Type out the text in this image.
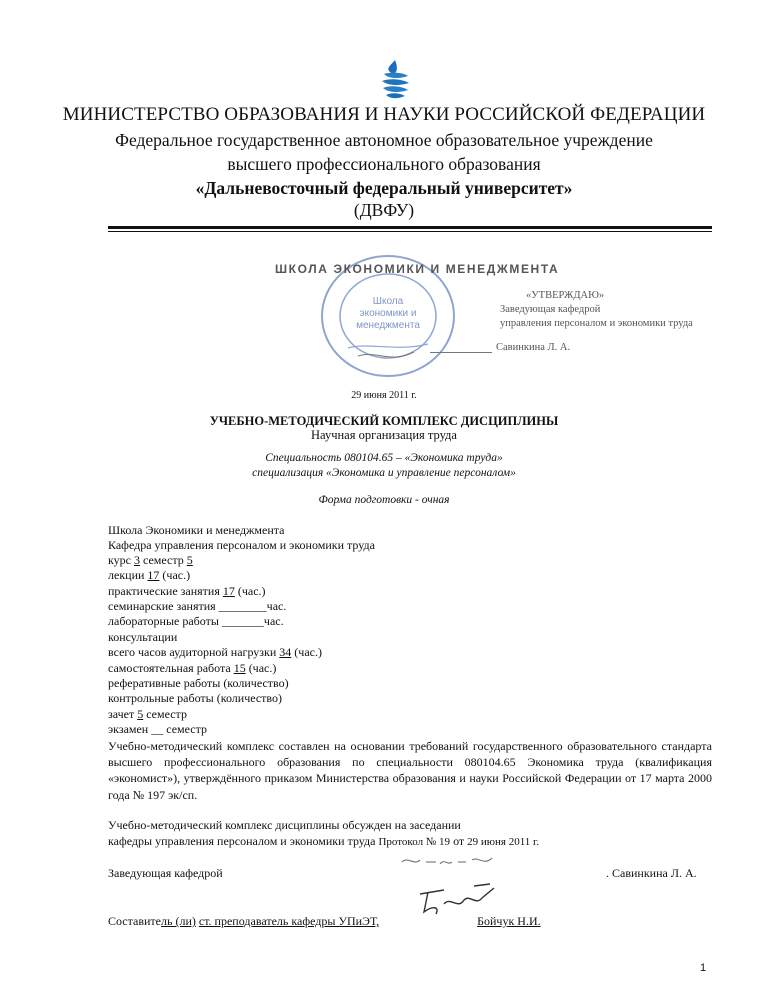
МИНИСТЕРСТВО ОБРАЗОВАНИЯ И НАУКИ РОССИЙСКОЙ ФЕДЕРАЦИИ
Федеральное государственное автономное образовательное учреждение
высшего профессионального образования
«Дальневосточный федеральный университет»
(ДВФУ)
Школа
экономики и
менеджмента
ШКОЛА ЭКОНОМИКИ И МЕНЕДЖМЕНТА
«УТВЕРЖДАЮ»
Заведующая кафедрой
управления персоналом и экономики труда
Савинкина Л. А.
29 июня 2011 г.
УЧЕБНО-МЕТОДИЧЕСКИЙ КОМПЛЕКС ДИСЦИПЛИНЫ
Научная организация труда
Специальность 080104.65 – «Экономика труда»
специализация «Экономика и управление персоналом»
Форма подготовки - очная
Школа Экономики и менеджмента
Кафедра управления персоналом и экономики труда
курс 3 семестр 5
лекции 17 (час.)
практические занятия 17 (час.)
семинарские занятия ________час.
лабораторные работы _______час.
консультации
всего часов аудиторной нагрузки 34 (час.)
самостоятельная работа 15 (час.)
реферативные работы (количество)
контрольные работы (количество)
зачет 5 семестр
экзамен __ семестр
Учебно-методический комплекс составлен на основании требований государственного образовательного стандарта высшего профессионального образования по специальности 080104.65 Экономика труда (квалификация «экономист»), утверждённого приказом Министерства образования и науки Российской Федерации от 17 марта 2000 года № 197 эк/сп.
Учебно-методический комплекс дисциплины обсужден на заседании
кафедры управления персоналом и экономики труда Протокол № 19 от 29 июня 2011 г.
Заведующая кафедрой	. Савинкина Л. А.
Составитель (ли) ст. преподаватель кафедры УПиЭТ,	Бойчук Н.И.
1
